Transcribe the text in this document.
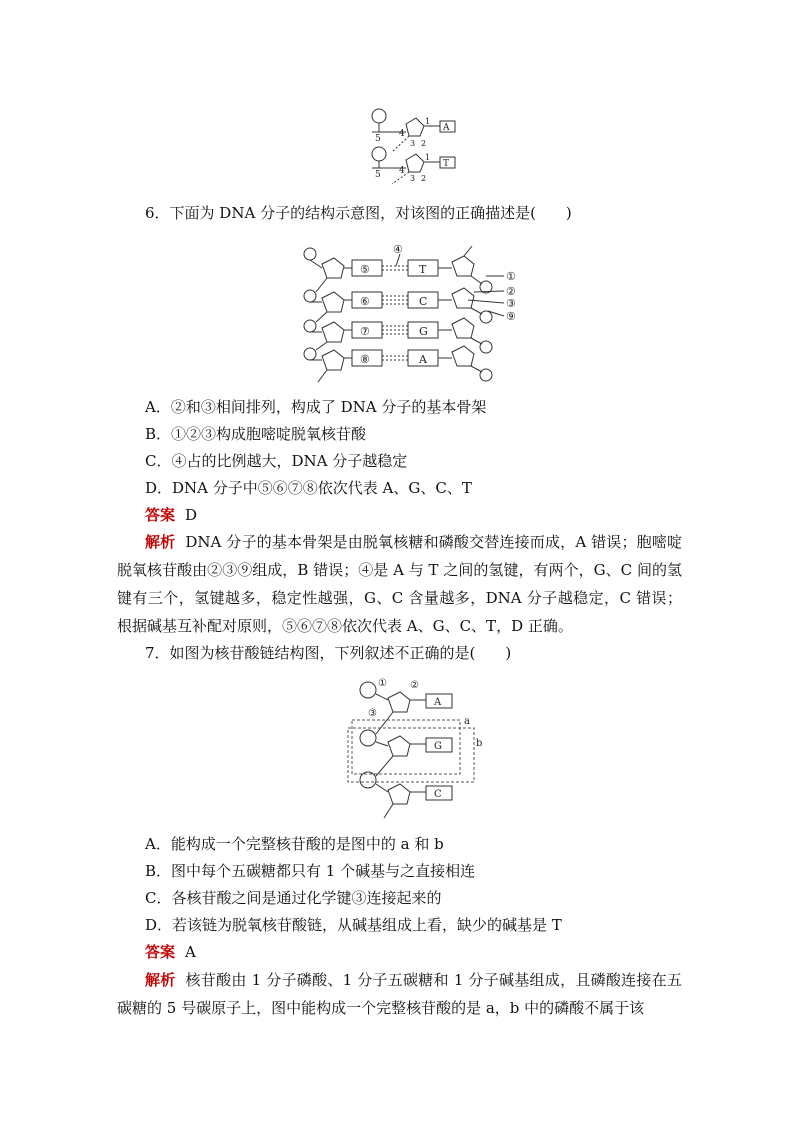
5 4
3 2
1
A
5 4
3 2
1
T
6．下面为 DNA 分子的结构示意图，对该图的正确描述是(　　)
⑤
⑥
⑦
⑧
T
C
G
A
④
①
②
③
⑨
A．②和③相间排列，构成了 DNA 分子的基本骨架
B．①②③构成胞嘧啶脱氧核苷酸
C．④占的比例越大，DNA 分子越稳定
D．DNA 分子中⑤⑥⑦⑧依次代表 A、G、C、T
答案 D
解析 DNA 分子的基本骨架是由脱氧核糖和磷酸交替连接而成，A 错误；胞嘧啶脱氧核苷酸由②③⑨组成，B 错误；④是 A 与 T 之间的氢键，有两个，G、C 间的氢键有三个，氢键越多，稳定性越强，G、C 含量越多，DNA 分子越稳定，C 错误；根据碱基互补配对原则，⑤⑥⑦⑧依次代表 A、G、C、T，D 正确。
7．如图为核苷酸链结构图，下列叙述不正确的是(　　)
① ②
③
A
G
C
a
b
A．能构成一个完整核苷酸的是图中的 a 和 b
B．图中每个五碳糖都只有 1 个碱基与之直接相连
C．各核苷酸之间是通过化学键③连接起来的
D．若该链为脱氧核苷酸链，从碱基组成上看，缺少的碱基是 T
答案 A
解析 核苷酸由 1 分子磷酸、1 分子五碳糖和 1 分子碱基组成，且磷酸连接在五碳糖的 5 号碳原子上，图中能构成一个完整核苷酸的是 a，b 中的磷酸不属于该
